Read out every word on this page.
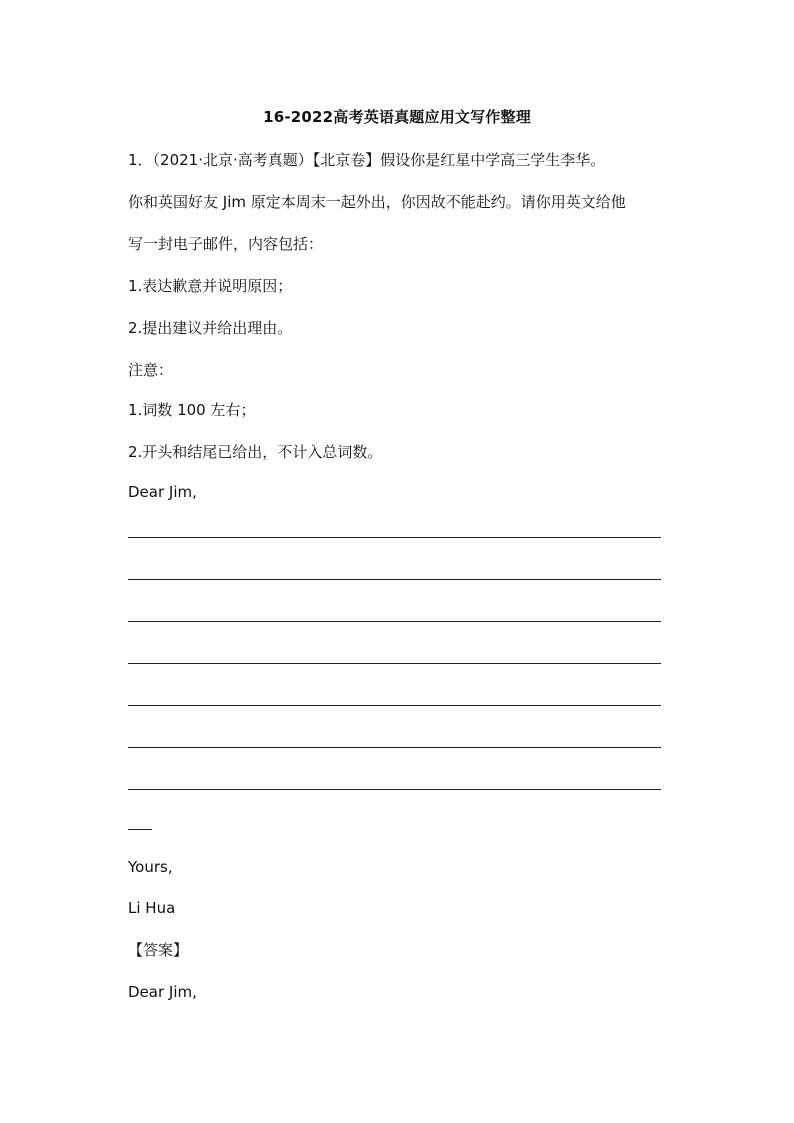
16-2022高考英语真题应用文写作整理
1．（2021·北京·高考真题）【北京卷】假设你是红星中学高三学生李华。
你和英国好友 Jim 原定本周末一起外出，你因故不能赴约。请你用英文给他
写一封电子邮件，内容包括：
1.表达歉意并说明原因；
2.提出建议并给出理由。
注意：
1.词数 100 左右；
2.开头和结尾已给出，不计入总词数。
Dear Jim,
Yours,
Li Hua
【答案】
Dear Jim,
